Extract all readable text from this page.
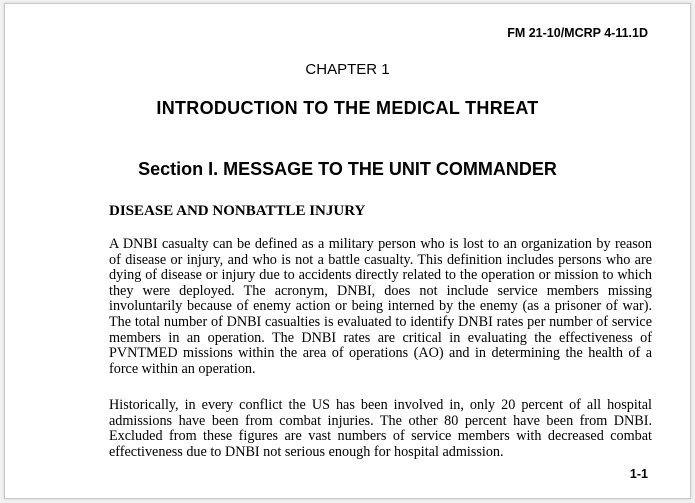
FM 21-10/MCRP 4-11.1D
CHAPTER 1
INTRODUCTION TO THE MEDICAL THREAT
Section I. MESSAGE TO THE UNIT COMMANDER
DISEASE AND NONBATTLE INJURY

A DNBI casualty can be defined as a military person who is lost to an organization by reason of disease or injury, and who is not a battle casualty. This definition includes persons who are dying of disease or injury due to accidents directly related to the operation or mission to which they were deployed. The acronym, DNBI, does not include service members missing involuntarily because of enemy action or being interned by the enemy (as a prisoner of war). The total number of DNBI casualties is evaluated to identify DNBI rates per number of service members in an operation. The DNBI rates are critical in evaluating the effectiveness of PVNTMED missions within the area of operations (AO) and in determining the health of a force within an operation.

Historically, in every conflict the US has been involved in, only 20 percent of all hospital admissions have been from combat injuries. The other 80 percent have been from DNBI. Excluded from these figures are vast numbers of service members with decreased combat effectiveness due to DNBI not serious enough for hospital admission.

1-1
